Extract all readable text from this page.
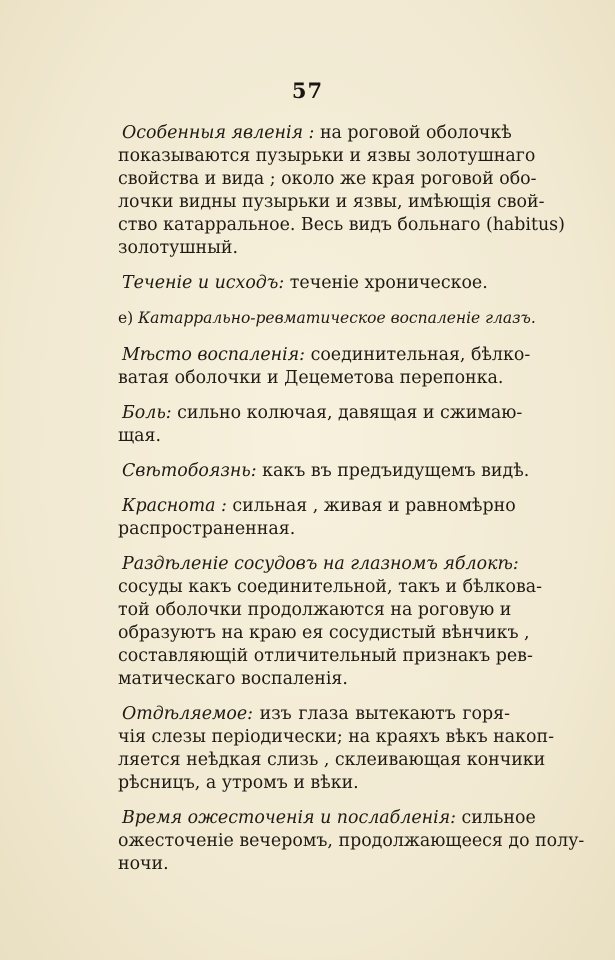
57
Особенныя явленія : на роговой оболочкѣ
показываются пузырьки и язвы золотушнаго
свойства и вида ; около же края роговой обо-
лочки видны пузырьки и язвы, имѣющія свой-
ство катарральное. Весь видъ больнаго (habitus)
золотушный.
Теченіе и исходъ: теченіе хроническое.
е) Катаррально-ревматическое воспаленіе глазъ.
Мѣсто воспаленія: соединительная, бѣлко-
ватая оболочки и Децеметова перепонка.
Боль: сильно колючая, давящая и сжимаю-
щая.
Свѣтобоязнь: какъ въ предъидущемъ видѣ.
Краснота : сильная , живая и равномѣрно
распространенная.
Раздѣленіе сосудовъ на глазномъ яблокѣ:
сосуды какъ соединительной, такъ и бѣлкова-
той оболочки продолжаются на роговую и
образуютъ на краю ея сосудистый вѣнчикъ ,
составляющій отличительный признакъ рев-
матическаго воспаленія.
Отдѣляемое: изъ глаза вытекаютъ горя-
чія слезы періодически; на краяхъ вѣкъ накоп-
ляется неѣдкая слизь , склеивающая кончики
рѣсницъ, а утромъ и вѣки.
Время ожесточенія и послабленія: сильное
ожесточеніе вечеромъ, продолжающееся до полу-
ночи.
